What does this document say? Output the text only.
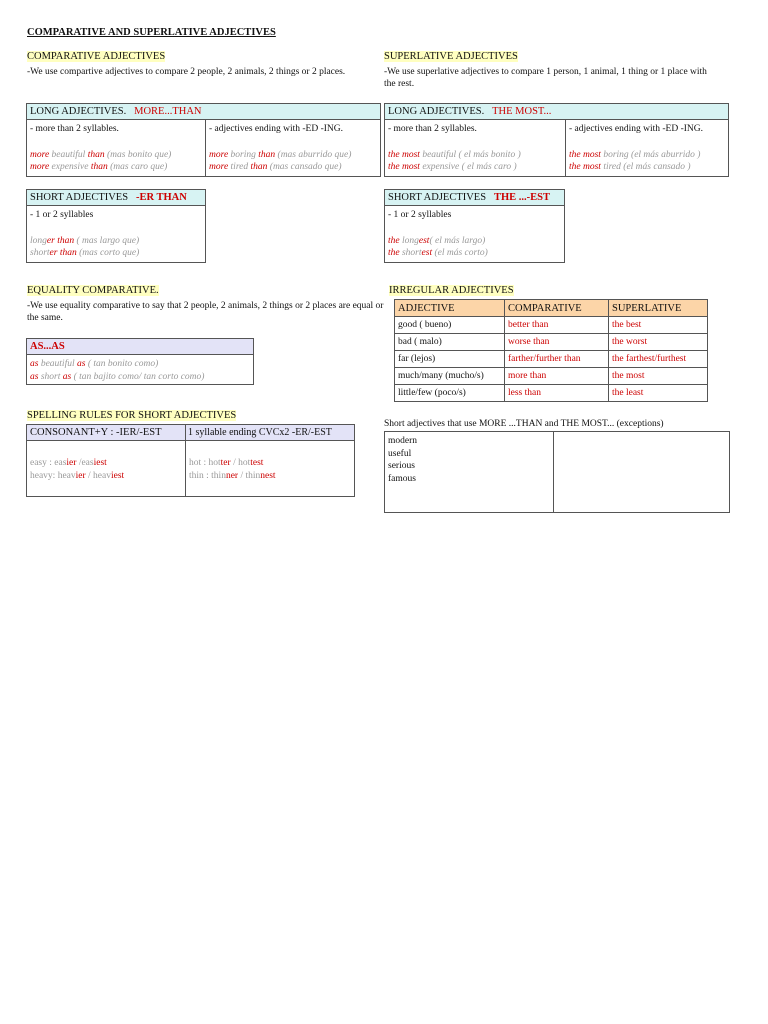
COMPARATIVE AND SUPERLATIVE ADJECTIVES
COMPARATIVE ADJECTIVES
-We use compartive adjectives to compare 2 people, 2 animals, 2 things or 2 places.
LONG ADJECTIVES. MORE...THAN
- more than 2 syllables.
more beautiful than (mas bonito que)
more expensive than (mas caro que)
- adjectives ending with -ED -ING.
more boring than (mas aburrido que)
more tired than (mas cansado que)
SHORT ADJECTIVES -ER THAN
- 1 or 2 syllables
longer than ( mas largo que)
shorter than (mas corto que)
SUPERLATIVE ADJECTIVES
-We use superlative adjectives to compare 1 person, 1 animal, 1 thing or 1 place with the rest.
LONG ADJECTIVES. THE MOST...
- more than 2 syllables.
the most beautiful ( el más bonito )
the most expensive ( el más caro )
- adjectives ending with -ED -ING.
the most boring (el más aburrido )
the most tired (el más cansado )
SHORT ADJECTIVES THE ...-EST
- 1 or 2 syllables
the longest( el más largo)
the shortest (el más corto)
EQUALITY COMPARATIVE.
-We use equality comparative to say that 2 people, 2 animals, 2 things or 2 places are equal or the same.
AS...AS
as beautiful as ( tan bonito como)
as short as ( tan bajito como/ tan corto como)
IRREGULAR ADJECTIVES
ADJECTIVE	COMPARATIVE	SUPERLATIVE
good ( bueno)	better than	the best
bad ( malo)	worse than	the worst
far (lejos)	farther/further than	the farthest/furthest
much/many (mucho/s)	more than	the most
little/few (poco/s)	less than	the least
SPELLING RULES FOR SHORT ADJECTIVES
CONSONANT+Y : -IER/-EST	1 syllable ending CVCx2 -ER/-EST
easy : easier /easiest
heavy: heavier / heaviest
hot : hotter / hottest
thin : thinner / thinnest
Short adjectives that use MORE ...THAN and THE MOST... (exceptions)
modern
useful
serious
famous
